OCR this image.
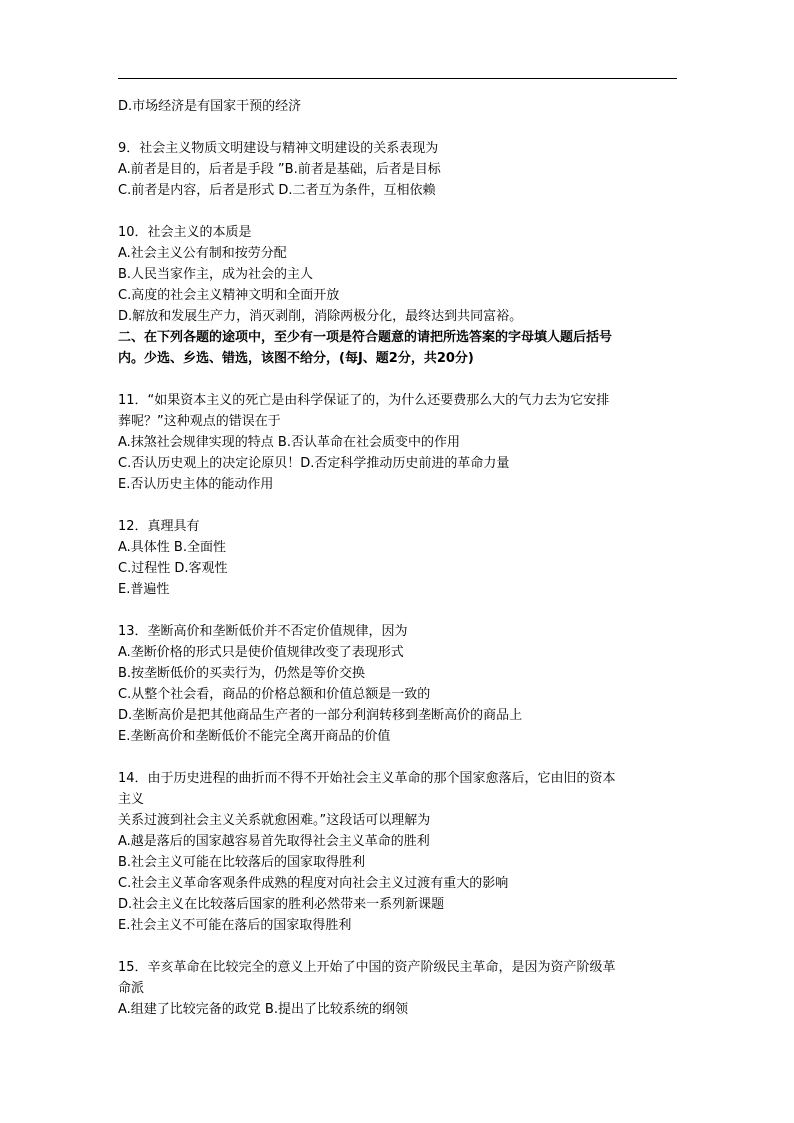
D.市场经济是有国家干预的经济
9．社会主义物质文明建设与精神文明建设的关系表现为
A.前者是目的，后者是手段 ”B.前者是基础，后者是目标
C.前者是内容，后者是形式 D.二者互为条件，互相依赖
10．社会主义的本质是
A.社会主义公有制和按劳分配
B.人民当家作主，成为社会的主人
C.高度的社会主义精神文明和全面开放
D.解放和发展生产力，消灭剥削，消除两极分化，最终达到共同富裕。
二、在下列各题的途项中，至少有一项是符合题意的请把所选答案的字母填人题后括号
内。少选、乡选、错选，该图不给分，(每J、题2分，共20分)
11．“如果资本主义的死亡是由科学保证了的，为什么还要费那么大的气力去为它安排
葬呢？”这种观点的错误在于
A.抹煞社会规律实现的特点 B.否认革命在社会质变中的作用
C.否认历史观上的决定论原贝！D.否定科学推动历史前进的革命力量
E.否认历史主体的能动作用
12．真理具有
A.具体性 B.全面性
C.过程性 D.客观性
E.普遍性
13．垄断高价和垄断低价并不否定价值规律，因为
A.垄断价格的形式只是使价值规律改变了表现形式
B.按垄断低价的买卖行为，仍然是等价交换
C.从整个社会看，商品的价格总额和价值总额是一致的
D.垄断高价是把其他商品生产者的一部分利润转移到垄断高价的商品上
E.垄断高价和垄断低价不能完全离开商品的价值
14．由于历史进程的曲折而不得不开始社会主义革命的那个国家愈落后，它由旧的资本
主义
关系过渡到社会主义关系就愈困难。”这段话可以理解为
A.越是落后的国家越容易首先取得社会主义革命的胜利
B.社会主义可能在比较落后的国家取得胜利
C.社会主义革命客观条件成熟的程度对向社会主义过渡有重大的影响
D.社会主义在比较落后国家的胜利必然带来一系列新课题
E.社会主义不可能在落后的国家取得胜利
15．辛亥革命在比较完全的意义上开始了中国的资产阶级民主革命，是因为资产阶级革
命派
A.组建了比较完备的政党 B.提出了比较系统的纲领
